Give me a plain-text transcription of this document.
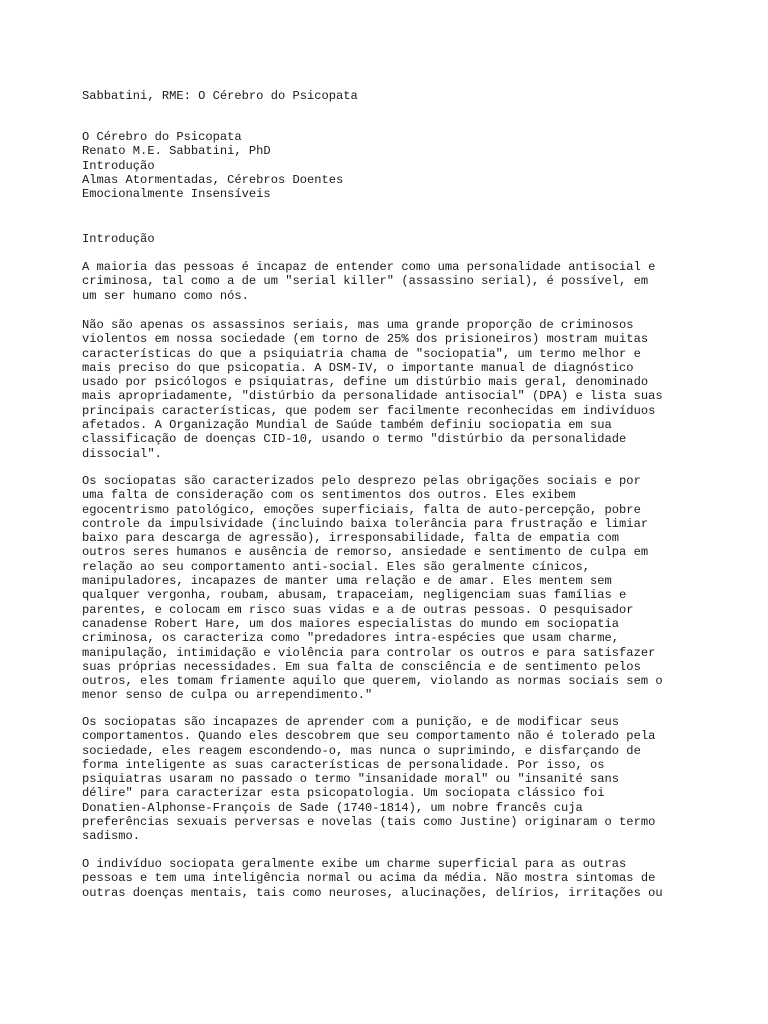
Sabbatini, RME: O Cérebro do Psicopata
O Cérebro do Psicopata
Renato M.E. Sabbatini, PhD
Introdução
Almas Atormentadas, Cérebros Doentes
Emocionalmente Insensíveis
Introdução
A maioria das pessoas é incapaz de entender como uma personalidade antisocial e
criminosa, tal como a de um "serial killer" (assassino serial), é possível, em
um ser humano como nós.
Não são apenas os assassinos seriais, mas uma grande proporção de criminosos
violentos em nossa sociedade (em torno de 25% dos prisioneiros) mostram muitas
características do que a psiquiatria chama de "sociopatia", um termo melhor e
mais preciso do que psicopatia. A DSM-IV, o importante manual de diagnóstico
usado por psicólogos e psiquiatras, define um distúrbio mais geral, denominado
mais apropriadamente, "distúrbio da personalidade antisocial" (DPA) e lista suas
principais características, que podem ser facilmente reconhecidas em indivíduos
afetados. A Organização Mundial de Saúde também definiu sociopatia em sua
classificação de doenças CID-10, usando o termo "distúrbio da personalidade
dissocial".
Os sociopatas são caracterizados pelo desprezo pelas obrigações sociais e por
uma falta de consideração com os sentimentos dos outros. Eles exibem
egocentrismo patológico, emoções superficiais, falta de auto-percepção, pobre
controle da impulsividade (incluindo baixa tolerância para frustração e limiar
baixo para descarga de agressão), irresponsabilidade, falta de empatia com
outros seres humanos e ausência de remorso, ansiedade e sentimento de culpa em
relação ao seu comportamento anti-social. Eles são geralmente cínicos,
manipuladores, incapazes de manter uma relação e de amar. Eles mentem sem
qualquer vergonha, roubam, abusam, trapaceiam, negligenciam suas famílias e
parentes, e colocam em risco suas vidas e a de outras pessoas. O pesquisador
canadense Robert Hare, um dos maiores especialistas do mundo em sociopatia
criminosa, os caracteriza como "predadores intra-espécies que usam charme,
manipulação, intimidação e violência para controlar os outros e para satisfazer
suas próprias necessidades. Em sua falta de consciência e de sentimento pelos
outros, eles tomam friamente aquilo que querem, violando as normas sociais sem o
menor senso de culpa ou arrependimento."
Os sociopatas são incapazes de aprender com a punição, e de modificar seus
comportamentos. Quando eles descobrem que seu comportamento não é tolerado pela
sociedade, eles reagem escondendo-o, mas nunca o suprimindo, e disfarçando de
forma inteligente as suas características de personalidade. Por isso, os
psiquiatras usaram no passado o termo "insanidade moral" ou "insanité sans
délire" para caracterizar esta psicopatologia. Um sociopata clássico foi
Donatien-Alphonse-François de Sade (1740-1814), um nobre francês cuja
preferências sexuais perversas e novelas (tais como Justine) originaram o termo
sadismo.
O indivíduo sociopata geralmente exibe um charme superficial para as outras
pessoas e tem uma inteligência normal ou acima da média. Não mostra sintomas de
outras doenças mentais, tais como neuroses, alucinações, delírios, irritações ou
